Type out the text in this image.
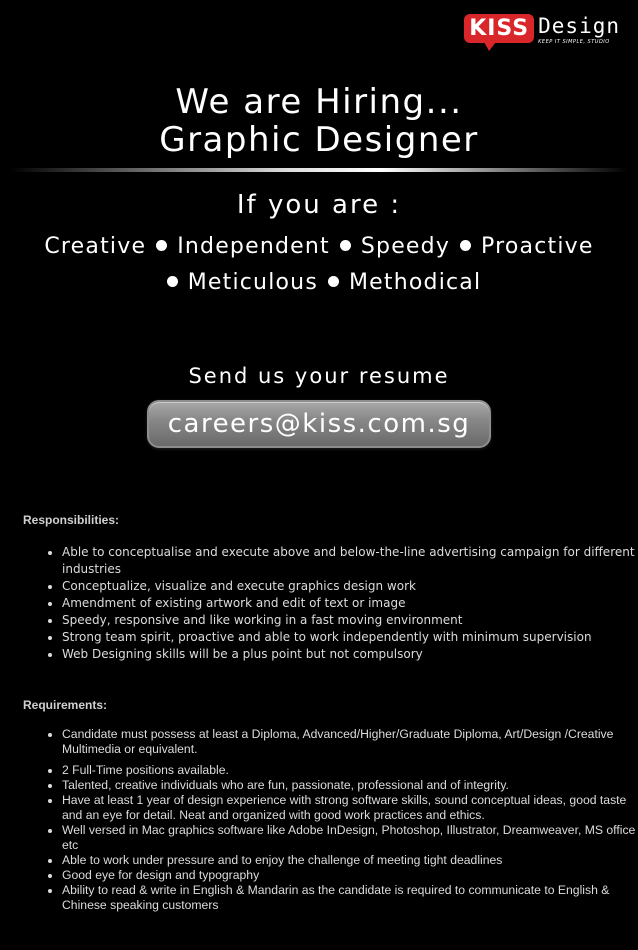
KISS Design
KEEP IT SIMPLE, STUDIO
We are Hiring...
Graphic Designer
If you are :
Creative Independent Speedy Proactive
Meticulous Methodical
Send us your resume
careers@kiss.com.sg
Responsibilities:
• Able to conceptualise and execute above and below-the-line advertising campaign for different industries
• Conceptualize, visualize and execute graphics design work
• Amendment of existing artwork and edit of text or image
• Speedy, responsive and like working in a fast moving environment
• Strong team spirit, proactive and able to work independently with minimum supervision
• Web Designing skills will be a plus point but not compulsory
Requirements:
• Candidate must possess at least a Diploma, Advanced/Higher/Graduate Diploma, Art/Design /Creative Multimedia or equivalent.
• 2 Full-Time positions available.
• Talented, creative individuals who are fun, passionate, professional and of integrity.
• Have at least 1 year of design experience with strong software skills, sound conceptual ideas, good taste and an eye for detail. Neat and organized with good work practices and ethics.
• Well versed in Mac graphics software like Adobe InDesign, Photoshop, Illustrator, Dreamweaver, MS office etc
• Able to work under pressure and to enjoy the challenge of meeting tight deadlines
• Good eye for design and typography
• Ability to read & write in English & Mandarin as the candidate is required to communicate to English & Chinese speaking customers
